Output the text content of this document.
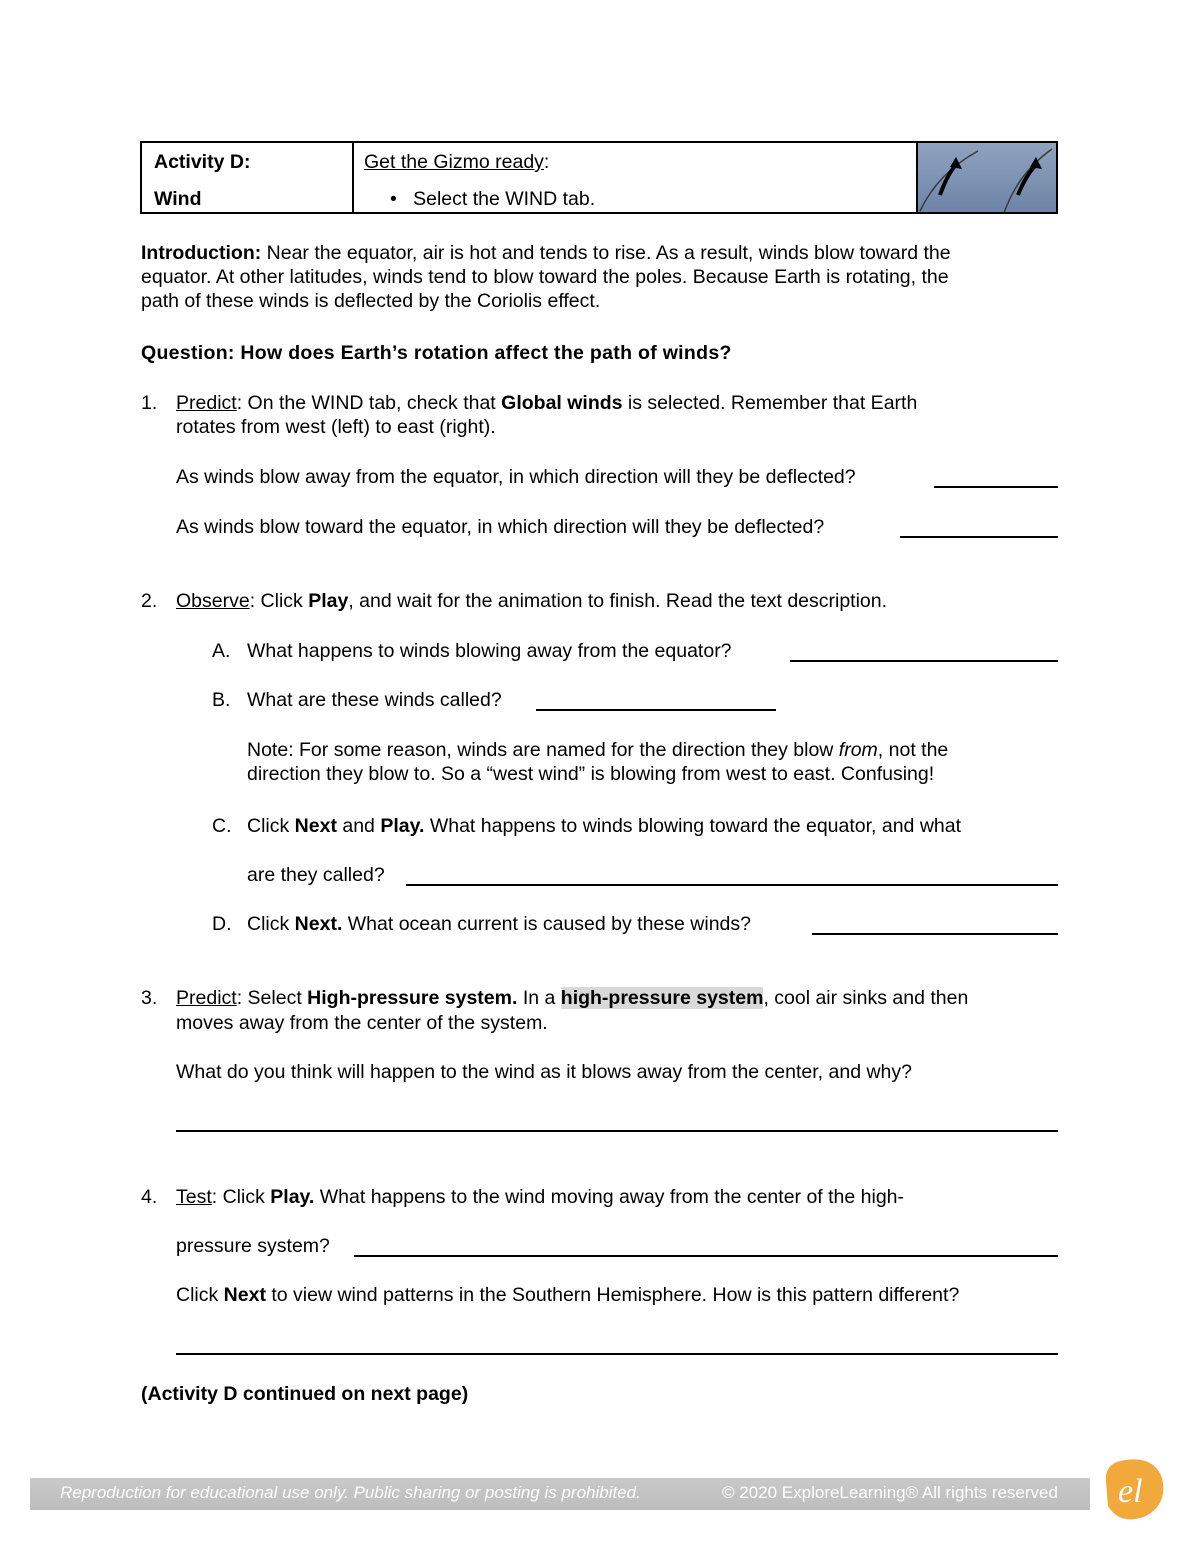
Activity D:
Wind
Get the Gizmo ready:
• Select the WIND tab.
Introduction: Near the equator, air is hot and tends to rise. As a result, winds blow toward the
equator. At other latitudes, winds tend to blow toward the poles. Because Earth is rotating, the
path of these winds is deflected by the Coriolis effect.
Question: How does Earth’s rotation affect the path of winds?
1. Predict: On the WIND tab, check that Global winds is selected. Remember that Earth
rotates from west (left) to east (right).
As winds blow away from the equator, in which direction will they be deflected?
As winds blow toward the equator, in which direction will they be deflected?
2. Observe: Click Play, and wait for the animation to finish. Read the text description.
A. What happens to winds blowing away from the equator?
B. What are these winds called?
Note: For some reason, winds are named for the direction they blow from, not the
direction they blow to. So a “west wind” is blowing from west to east. Confusing!
C. Click Next and Play. What happens to winds blowing toward the equator, and what
are they called?
D. Click Next. What ocean current is caused by these winds?
3. Predict: Select High-pressure system. In a high-pressure system, cool air sinks and then
moves away from the center of the system.
What do you think will happen to the wind as it blows away from the center, and why?
4. Test: Click Play. What happens to the wind moving away from the center of the high-
pressure system?
Click Next to view wind patterns in the Southern Hemisphere. How is this pattern different?
(Activity D continued on next page)
Reproduction for educational use only. Public sharing or posting is prohibited.	© 2020 ExploreLearning® All rights reserved el
